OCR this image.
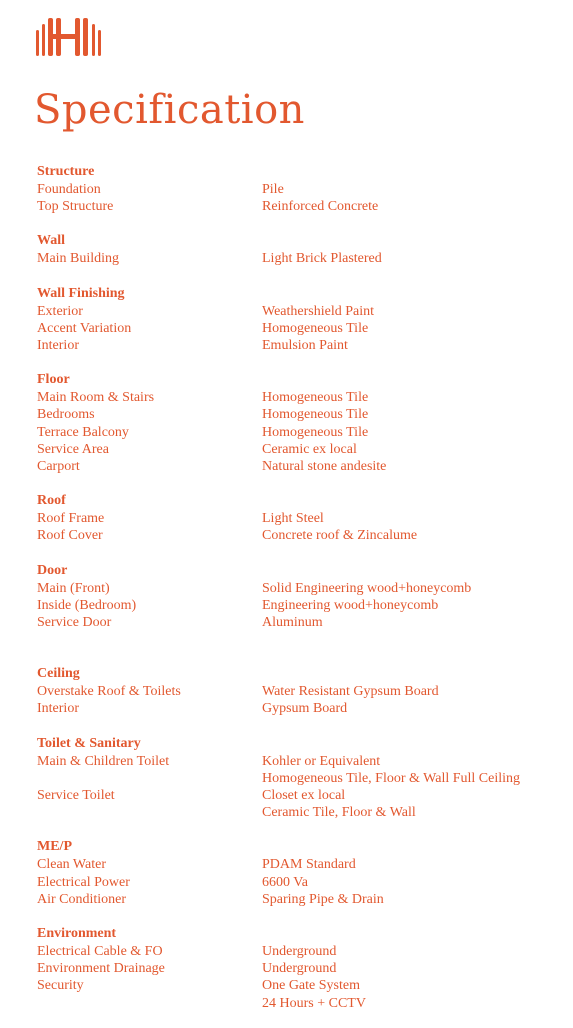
Specification
Structure
Foundation	Pile
Top Structure	Reinforced Concrete
Wall
Main Building	Light Brick Plastered
Wall Finishing
Exterior	Weathershield Paint
Accent Variation	Homogeneous Tile
Interior	Emulsion Paint
Floor
Main Room & Stairs	Homogeneous Tile
Bedrooms	Homogeneous Tile
Terrace Balcony	Homogeneous Tile
Service Area	Ceramic ex local
Carport	Natural stone andesite
Roof
Roof Frame	Light Steel
Roof Cover	Concrete roof & Zincalume
Door
Main (Front)	Solid Engineering wood+honeycomb
Inside (Bedroom)	Engineering wood+honeycomb
Service Door	Aluminum
Ceiling
Overstake Roof & Toilets	Water Resistant Gypsum Board
Interior	Gypsum Board
Toilet & Sanitary
Main & Children Toilet	Kohler or Equivalent
Homogeneous Tile, Floor & Wall Full Ceiling
Service Toilet	Closet ex local
Ceramic Tile, Floor & Wall
ME/P
Clean Water	PDAM Standard
Electrical Power	6600 Va
Air Conditioner	Sparing Pipe & Drain
Environment
Electrical Cable & FO	Underground
Environment Drainage	Underground
Security	One Gate System
24 Hours + CCTV
